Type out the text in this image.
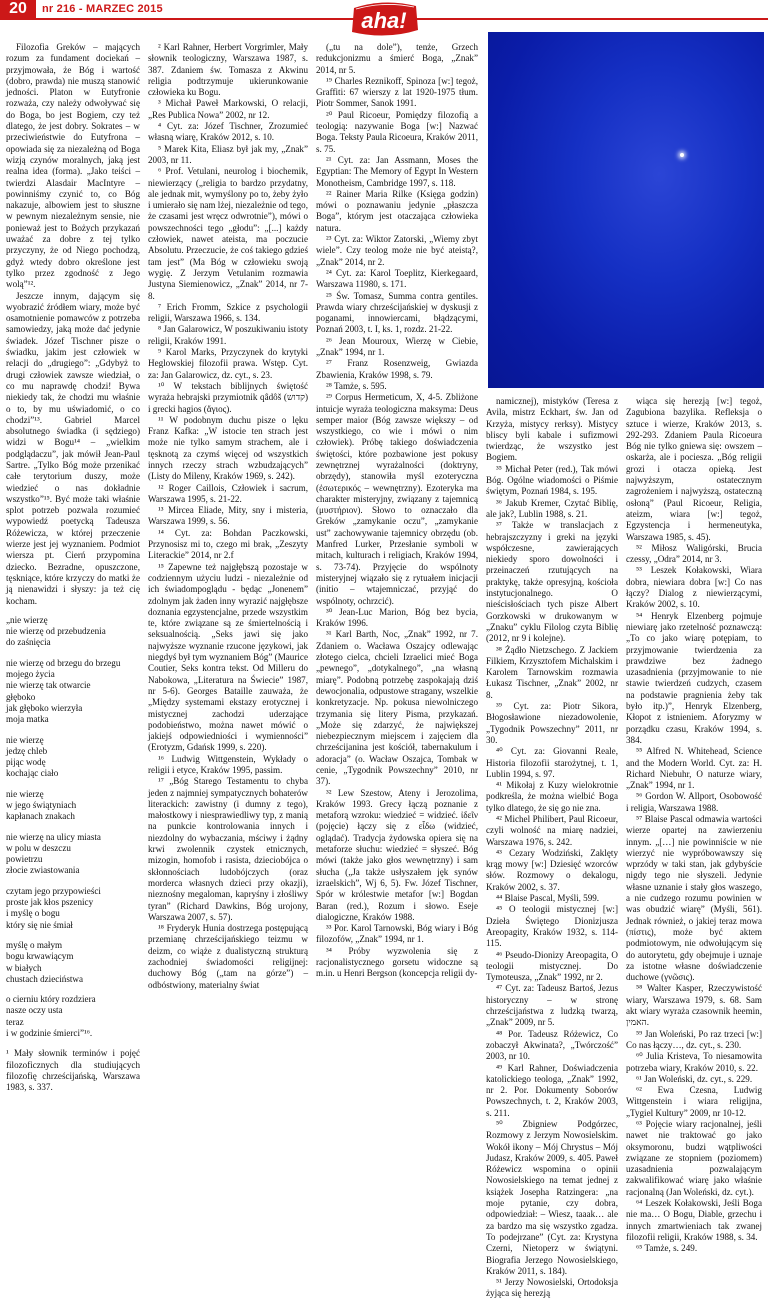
20	nr 216 - MARZEC 2015	aha!

Filozofia Greków – mających rozum za fundament dociekań – przyjmowała, że Bóg i wartość (dobro, prawda) nie muszą stanowić jedności. Platon w Eutyfronie rozważa, czy należy odwoływać się do Boga, bo jest Bogiem, czy też dlatego, że jest dobry. Sokrates – w przeciwieństwie do Eutyfrona – opowiada się za niezależną od Boga wizją czynów moralnych, jaką jest realna idea (forma). „Jako teiści – twierdzi Alasdair MacIntyre – powinniśmy czynić to, co Bóg nakazuje, albowiem jest to słuszne w pewnym niezależnym sensie, nie ponieważ jest to Bożych przykazań uważać za dobre z tej tylko przyczyny, że od Niego pochodzą, gdyż wtedy dobro określone jest tylko przez zgodność z Jego wolą”¹².

Jeszcze innym, dającym się wyobrazić źródłem wiary, może być osamotnienie pomawców z potrzeba samowiedzy, jaką może dać jedynie świadek. Józef Tischner pisze o świadku, jakim jest człowiek w relacji do „drugiego”: „Gdybyż to drugi człowiek zawsze wiedział, o co mu naprawdę chodzi! Bywa niekiedy tak, że chodzi mu właśnie o to, by mu uświadomić, o co chodzi”¹³. Gabriel Marcel absolutnego świadka (i sędziego) widzi w Bogu¹⁴ – „wielkim podglądaczu”, jak mówił Jean-Paul Sartre. „Tylko Bóg może przenikać całe terytorium duszy, może wiedzieć o nas dokładnie wszystko”¹⁵. Być może taki właśnie splot potrzeb pozwala rozumieć wypowiedź poetycką Tadeusza Różewicza, w której przeczenie wierze jest jej wyznaniem. Podmiot wiersza pt. Cierń przypomina dziecko. Bezradne, opuszczone, tęskniące, które krzyczy do matki że ją nienawidzi i słyszy: ja też cię kocham.

„nie wierzę
nie wierzę od przebudzenia
do zaśnięcia
nie wierzę od brzegu do brzegu
mojego życia
nie wierzę tak otwarcie
głęboko
jak głęboko wierzyła
moja matka
nie wierzę
jedzę chleb
pijąc wodę
kochając ciało
nie wierzę
w jego świątyniach
kapłanach znakach
nie wierzę na ulicy miasta
w polu w deszczu
powietrzu
złocie zwiastowania
czytam jego przypowieści
proste jak kłos pszenicy
i myślę o bogu
który się nie śmiał
myślę o małym
bogu krwawiącym
w białych
chustach dzieciństwa
o cierniu który rozdziera
nasze oczy usta
teraz
i w godzinie śmierci”¹⁶.

¹ Mały słownik terminów i pojęć filozoficznych dla studiujących filozofię chrześcijańską, Warszawa 1983, s. 337.

² Karl Rahner, Herbert Vorgrimler, Mały słownik teologiczny, Warszawa 1987, s. 387. Zdaniem św. Tomasza z Akwinu religia podtrzymuje ukierunkowanie człowieka ku Bogu.

³ Michał Paweł Markowski, O relacji, „Res Publica Nowa” 2002, nr 12.

⁴ Cyt. za: Józef Tischner, Zrozumieć własną wiarę, Kraków 2012, s. 10.

⁵ Marek Kita, Eliasz był jak my, „Znak” 2003, nr 11.

⁶ Prof. Vetulani, neurolog i biochemik, niewierzący („religia to bardzo przydatny, ale jednak mit, wymyślony po to, żeby żyło i umierało się nam lżej, niezależnie od tego, że czasami jest wręcz odwrotnie”), mówi o powszechności tego „głodu”: „[...] każdy człowiek, nawet ateista, ma poczucie Absolutu. Przeczucie, że coś takiego gdzieś tam jest” (Ma Bóg w człowieku swoją wygię. Z Jerzym Vetulanim rozmawia Justyna Siemienowicz, „Znak” 2014, nr 7-8.

⁷ Erich Fromm, Szkice z psychologii religii, Warszawa 1966, s. 134.

⁸ Jan Galarowicz, W poszukiwaniu istoty religii, Kraków 1991.

⁹ Karol Marks, Przyczynek do krytyki Heglowskiej filozofii prawa. Wstęp. Cyt. za: Jan Galarowicz, dz. cyt., s. 23.

¹⁰ W tekstach biblijnych świętość wyraża hebrajski przymiotnik qâdôš (קדוש) i grecki hagios (ἅγιος).

¹¹ W podobnym duchu pisze o lęku Franz Kafka: „W istocie ten strach jest może nie tylko samym strachem, ale i tęsknotą za czymś więcej od wszystkich innych rzeczy strach wzbudzających” (Listy do Mileny, Kraków 1969, s. 242).

¹² Roger Caillois, Człowiek i sacrum, Warszawa 1995, s. 21-22.

¹³ Mircea Eliade, Mity, sny i misteria, Warszawa 1999, s. 56.

¹⁴ Cyt. za: Bohdan Paczkowski, Przynosisz mi to, czego mi brak, „Zeszyty Literackie” 2014, nr 2.f

¹⁵ Zapewne też najgłębszą pozostaje w codziennym użyciu ludzi - niezależnie od ich świadompoglądu - będąc „Jonenem” zdolnym jak żaden inny wyrazić najgłębsze doznania egzystencjalne, przede wszystkim te, które związane są ze śmiertelnością i seksualnością. „Seks jawi się jako najwyższe wyznanie rzucone językowi, jak niegdyś był tym wyznaniem Bóg” (Maurice Coutier, Seks kontra tekst. Od Milleru do Nabokowa, „Literatura na Świecie” 1987, nr 5-6). Georges Bataille zauważa, że „Między systemami ekstazy erotycznej i mistycznej zachodzi uderzające podobieństwo, można nawet mówić o jakiejś odpowiedniości i wymienności” (Erotyzm, Gdańsk 1999, s. 220).

¹⁶ Ludwig Wittgenstein, Wykłady o religii i etyce, Kraków 1995, passim.

¹⁷ „Bóg Starego Testamentu to chyba jeden z najmniej sympatycznych bohaterów literackich: zawistny (i dumny z tego), małostkowy i niesprawiedliwy typ, z manią na punkcie kontrolowania innych i niezdolny do wybaczania, mściwy i żądny krwi zwolennik czystek etnicznych, mizogin, homofob i rasista, dzieciobójca o skłonnościach ludobójczych (oraz morderca własnych dzieci przy okazji), nieznośny megaloman, kapryśny i złośliwy tyran” (Richard Dawkins, Bóg urojony, Warszawa 2007, s. 57).

¹⁸ Fryderyk Hunia dostrzega postępującą przemianę chrześcijańskiego teizmu w deizm, co wiąże z dualistyczną strukturą zachodniej świadomości religijnej: duchowy Bóg („tam na górze”) – odbóstwiony, materialny świat

(„tu na dole”), tenże, Grzech redukcjonizmu a śmierć Boga, „Znak” 2014, nr 5.

¹⁹ Charles Reznikoff, Spinoza [w:] tegoż, Graffiti: 67 wierszy z lat 1920-1975 tłum. Piotr Sommer, Sanok 1991.

²⁰ Paul Ricoeur, Pomiędzy filozofią a teologią: nazywanie Boga [w:] Nazwać Boga. Teksty Paula Ricoeura, Kraków 2011, s. 75.

²¹ Cyt. za: Jan Assmann, Moses the Egyptian: The Memory of Egypt In Western Monotheism, Cambridge 1997, s. 118.

²² Rainer Maria Rilke (Księga godzin) mówi o poznawaniu jedynie „płaszcza Boga”, którym jest otaczająca człowieka natura.

²³ Cyt. za: Wiktor Zatorski, „Wiemy zbyt wiele”. Czy teolog może nie być ateistą?, „Znak” 2014, nr 2.

²⁴ Cyt. za: Karol Toeplitz, Kierkegaard, Warszawa 11980, s. 171.

²⁵ Św. Tomasz, Summa contra gentiles. Prawda wiary chrześcijańskiej w dyskusji z poganami, innowiercami, błądzącymi, Poznań 2003, t. I, ks. 1, rozdz. 21-22.

²⁶ Jean Mouroux, Wierzę w Ciebie, „Znak” 1994, nr 1.

²⁷ Franz Rosenzweig, Gwiazda Zbawienia, Kraków 1998, s. 79.

²⁸ Tamże, s. 595.

²⁹ Corpus Hermeticum, X, 4-5. Zbliżone intuicje wyraża teologiczna maksyma: Deus semper maior (Bóg zawsze większy – od wszystkiego, co wie i mówi o nim człowiek). Próbę takiego doświadczenia świętości, które pozbawione jest pokusy zewnętrznej wyrażalności (doktryny, obrzędy), stanowiła myśl ezoteryczna (ἐσωτερικός – wewnętrzny). Ezoteryka ma charakter misteryjny, związany z tajemnicą (μυστήριον). Słowo to oznaczało dla Greków „zamykanie oczu”, „zamykanie ust” zachowywanie tajemnicy obrzędu (ob. Manfred Lurker, Przesłanie symboli w mitach, kulturach i religiach, Kraków 1994, s. 73-74). Przyjęcie do wspólnoty misteryjnej wiązało się z rytuałem inicjacji (initio – wtajemniczać, przyjąć do wspólnoty, ochrzcić).

³⁰ Jean-Luc Marion, Bóg bez bycia, Kraków 1996.

³¹ Karl Barth, Noc, „Znak” 1992, nr 7. Zdaniem o. Wacława Oszajcy odlewając złotego cielca, chcieli Izraelici mieć Boga „pewnego”, „dotykalnego”, „na własną miarę”. Podobną potrzebę zaspokajają dziś dewocjonalia, odpustowe stragany, wszelkie konkretyzacje. Np. pokusa niewolniczego trzymania się litery Pisma, przykazań. „Może się zdarzyć, że największej niebezpiecznym miejscem i zajęciem dla chrześcijanina jest kościół, tabernakulum i adoracja” (o. Wacław Oszajca, Tombak w cenie, „Tygodnik Powszechny” 2010, nr 37).

³² Lew Szestow, Ateny i Jerozolima, Kraków 1993. Grecy łączą poznanie z metaforą wzroku: wiedzieć = widzieć. ἰδεῖν (pojęcie) łączy się z εἶδω (widzieć, oglądać). Tradycja żydowska opiera się na metaforze słuchu: wiedzieć = słyszeć. Bóg mówi (także jako głos wewnętrzny) i sam słucha („Ja także usłyszałem jęk synów izraelskich”, Wj 6, 5). Fw. Józef Tischner, Spór w królestwie metafor [w:] Bogdan Baran (red.), Rozum i słowo. Eseje dialogiczne, Kraków 1988.

³³ Por. Karol Tarnowski, Bóg wiary i Bóg filozofów, „Znak” 1994, nr 1.

³⁴ Próby wyzwolenia się z racjonalistycznego gorsetu widoczne są m.in. u Henri Bergson (koncepcja religii dy-

namicznej), mistyków (Teresa z Avila, mistrz Eckhart, św. Jan od Krzyża, mistycy rerksy). Mistycy bliscy byli kabale i sufizmowi twierdząc, że wszystko jest Bogiem.

³⁵ Michał Peter (red.), Tak mówi Bóg. Ogólne wiadomości o Piśmie świętym, Poznań 1984, s. 195.

³⁶ Jakub Kremer, Czytać Biblię, ale jak?, Lublin 1988, s. 21.

³⁷ Także w translacjach z hebrajszczyzny i greki na języki współczesne, zawierających niekiedy sporo dowolności i przeinaczeń rzutujących na praktykę, także opresyjną, kościoła instytucjonalnego. O nieścisłościach tych pisze Albert Gorzkowski w drukowanym w „Znaku” cyklu Filolog czyta Biblię (2012, nr 9 i kolejne).

³⁸ Żądło Nietzschego. Z Jackiem Filkiem, Krzysztofem Michalskim i Karolem Tarnowskim rozmawia Łukasz Tischner, „Znak” 2002, nr 8.

³⁹ Cyt. za: Piotr Sikora, Błogosławione niezadowolenie, „Tygodnik Powszechny” 2011, nr 30.

⁴⁰ Cyt. za: Giovanni Reale, Historia filozofii starożytnej, t. 1, Lublin 1994, s. 97.

⁴¹ Mikołaj z Kuzy wielokrotnie podkreśla, że można wielbić Boga tylko dlatego, że się go nie zna.

⁴² Michel Philibert, Paul Ricoeur, czyli wolność na miarę nadziei, Warszawa 1976, s. 242.

⁴³ Cezary Wodziński, Zaklęty krąg mowy [w:] Dziesięć wzorców słów. Rozmowy o dekalogu, Kraków 2002, s. 37.

⁴⁴ Blaise Pascal, Myśli, 599.

⁴⁵ O teologii mistycznej [w:] Dzieła Świętego Dionizjusza Areopagity, Kraków 1932, s. 114-115.

⁴⁶ Pseudo-Dionizy Areopagita, O teologii mistycznej. Do Tymoteusza, „Znak” 1992, nr 2.

⁴⁷ Cyt. za: Tadeusz Bartoś, Jezus historyczny – w stronę chrześcijaństwa z ludzką twarzą, „Znak” 2009, nr 5.

⁴⁸ Por. Tadeusz Różewicz, Co zobaczył Akwinata?, „Twórczość” 2003, nr 10.

⁴⁹ Karl Rahner, Doświadczenia katolickiego teologa, „Znak” 1992, nr 2. Por. Dokumenty Soborów Powszechnych, t. 2, Kraków 2003, s. 211.

⁵⁰ Zbigniew Podgórzec, Rozmowy z Jerzym Nowosielskim. Wokół ikony – Mój Chrystus – Mój Judasz, Kraków 2009, s. 405. Paweł Różewicz wspomina o opinii Nowosielskiego na temat jednej z książek Josepha Ratzingera: „na moje pytanie, czy dobra, odpowiedział: – Wiesz, taaak… ale za bardzo ma się wszystko zgadza. To podejrzane” (Cyt. za: Krystyna Czerni, Nietoperz w świątyni. Biografia Jerzego Nowosielskiego, Kraków 2011, s. 184).

⁵¹ Jerzy Nowosielski, Ortodoksja żyjąca się herezją

wiąca się herezją [w:] tegoż, Zagubiona bazylika. Refleksja o sztuce i wierze, Kraków 2013, s. 292-293. Zdaniem Paula Ricoeura Bóg nie tylko gniewa się: owszem – oskarża, ale i pociesza. „Bóg religii grozi i otacza opieką. Jest najwyższym, ostatecznym zagrożeniem i najwyższą, ostateczną osłoną” (Paul Ricoeur, Religia, ateizm, wiara [w:] tegoż, Egzystencja i hermeneutyka, Warszawa 1985, s. 45).

⁵² Miłosz Waligórski, Brucia czessy, „Odra” 2014, nr 3.

⁵³ Leszek Kołakowski, Wiara dobra, niewiara dobra [w:] Co nas łączy? Dialog z niewierzącymi, Kraków 2002, s. 10.

⁵⁴ Henryk Elzenberg pojmuje niewiarę jako rzetelność poznawczą: „To co jako wiarę potępiam, to przyjmowanie twierdzenia za prawdziwe bez żadnego uzasadnienia (przyjmowanie to nie stawie twierdzeń cudzych, czasem na podstawie pragnienia żeby tak było itp.)”, Henryk Elzenberg, Kłopot z istnieniem. Aforyzmy w porządku czasu, Kraków 1994, s. 384.

⁵⁵ Alfred N. Whitehead, Science and the Modern World. Cyt. za: H. Richard Niebuhr, O naturze wiary, „Znak” 1994, nr 1.

⁵⁶ Gordon W. Allport, Osobowość i religia, Warszawa 1988.

⁵⁷ Blaise Pascal odmawia wartości wierze opartej na zawierzeniu innym. „[…] nie powinniście w nie wierzyć nie wypróbowawszy się wprzódy w taki stan, jak gdybyście nigdy tego nie słyszeli. Jedynie własne uznanie i stały głos waszego, a nie cudzego rozumu powinien w was obudzić wiarę” (Myśli, 561). Jednak również, o jakiej teraz mowa (πίστις), może być aktem podmiotowym, nie odwołującym się do autorytetu, gdy obejmuje i uznaje za istotne własne doświadczenie duchowe (γνῶσις).

⁵⁸ Walter Kasper, Rzeczywistość wiary, Warszawa 1979, s. 68. Sam akt wiary wyraża czasownik heemin, האמין.

⁵⁹ Jan Woleński, Po raz trzeci [w:] Co nas łączy…, dz. cyt., s. 230.

⁶⁰ Julia Kristeva, To niesamowita potrzeba wiary, Kraków 2010, s. 22.

⁶¹ Jan Woleński, dz. cyt., s. 229.

⁶² Ewa Czesna, Ludwig Wittgenstein i wiara religijna, „Tygiel Kultury” 2009, nr 10-12.

⁶³ Pojęcie wiary racjonalnej, jeśli nawet nie traktować go jako oksymoronu, budzi wątpliwości związane ze stopniem (poziomem) uzasadnienia pozwalającym zakwalifikować wiarę jako właśnie racjonalną (Jan Woleński, dz. cyt.).

⁶⁴ Leszek Kołakowski, Jeśli Boga nie ma… O Bogu, Diable, grzechu i innych zmartwieniach tak zwanej filozofii religii, Kraków 1988, s. 34.

⁶⁵ Tamże, s. 249.
